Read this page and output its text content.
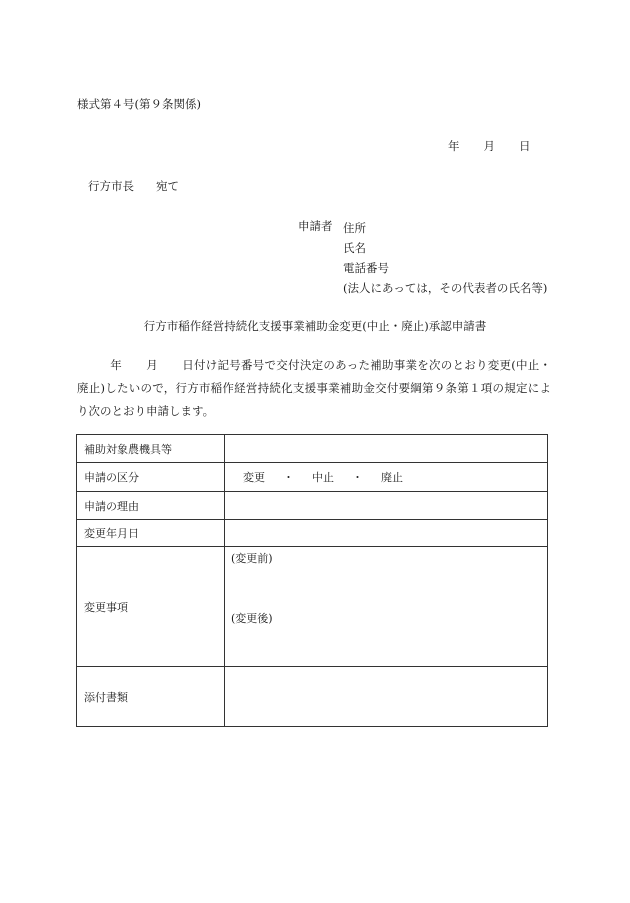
様式第４号(第９条関係)
年 月 日
行方市長 宛て
申請者 住所
氏名
電話番号
(法人にあっては，その代表者の氏名等)
行方市稲作経営持続化支援事業補助金変更(中止・廃止)承認申請書
年 月 日付け記号番号で交付決定のあった補助事業を次のとおり変更(中止・廃止)したいので，行方市稲作経営持続化支援事業補助金交付要綱第９条第１項の規定により次のとおり申請します。
補助対象農機具等	
申請の区分	変更 ・ 中止 ・ 廃止
申請の理由	
変更年月日	
変更事項	(変更前)
(変更後)

添付書類	
